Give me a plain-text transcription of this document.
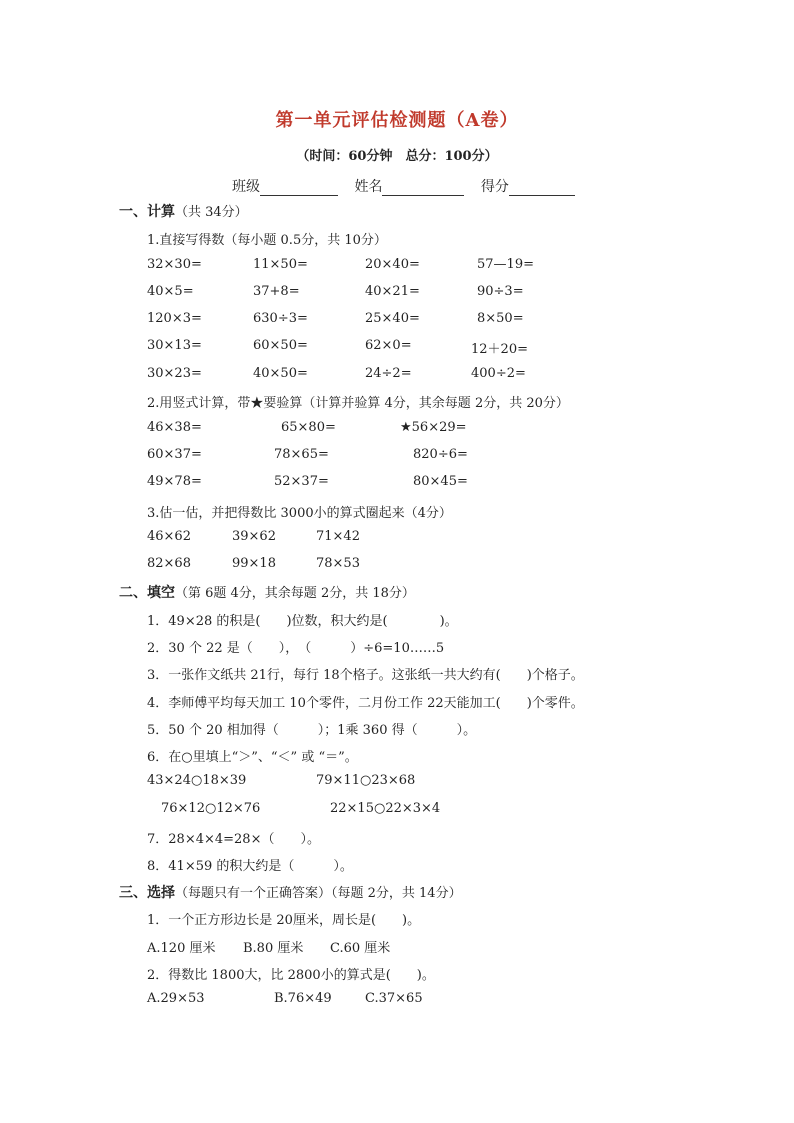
第一单元评估检测题（A卷）
（时间：60分钟　总分：100分）
班级	姓名	得分
一、计算（共 34分）
1.直接写得数（每小题 0.5分，共 10分）
32×30=	11×50=	20×40=	57—19=
40×5=	37+8=	40×21=	90÷3=
120×3=	630÷3=	25×40=	8×50=
30×13=	60×50=	62×0=	12＋20=
30×23=	40×50=	24÷2=	400÷2=
2.用竖式计算，带★要验算（计算并验算 4分，其余每题 2分，共 20分）
46×38=	65×80=	★56×29=
60×37=	78×65=	820÷6=
49×78=	52×37=	80×45=
3.估一估，并把得数比 3000小的算式圈起来（4分）
46×62	39×62	71×42
82×68	99×18	78×53
二、填空（第 6题 4分，其余每题 2分，共 18分）
1．49×28 的积是(　　)位数，积大约是(　　　　)。
2．30 个 22 是（　　），　（　　　）÷6=10……5
3．一张作文纸共 21行，每行 18个格子。这张纸一共大约有(　　)个格子。
4．李师傅平均每天加工 10个零件，二月份工作 22天能加工(　　)个零件。
5．50 个 20 相加得（　　　）；1乘 360 得（　　　）。
6．在○里填上“＞”、“＜” 或 “＝”。
43×24○18×39	79×11○23×68
76×12○12×76	22×15○22×3×4
7．28×4×4=28×（　　）。
8．41×59 的积大约是（　　　）。
三、选择（每题只有一个正确答案）（每题 2分，共 14分）
1．一个正方形边长是 20厘米，周长是(　　)。
A.120 厘米 B.80 厘米 C.60 厘米
2．得数比 1800大，比 2800小的算式是(　　)。
A.29×53	B.76×49	C.37×65
